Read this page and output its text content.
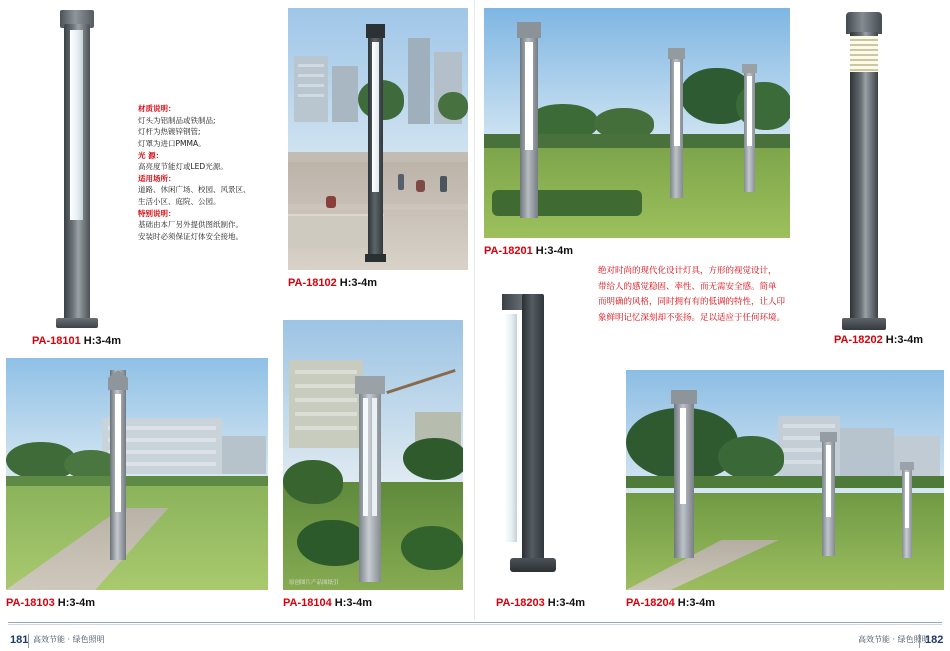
PA-18101 H:3-4m
材质说明：
灯头为铝制品或铁制品;
灯杆为热镀锌钢管;
灯罩为进口PMMA。
光 源：
高亮度节能灯或LED光源。
适用场所：
道路、休闲广场、校园、风景区、
生活小区、庭院、公园。
特别说明：
基础由本厂另外提供图纸制作。
安装时必须保证灯体安全接地。
PA-18102 H:3-4m
PA-18201 H:3-4m
PA-18202 H:3-4m
绝对时尚的现代化设计灯具，方形的视觉设计，
带给人的感觉稳固、率性、而无需安全感。简单
而明确的风格，同时拥有有的低调的特性，让人印
象鲜明记忆深刻却不张扬。足以适应于任何环境。
PA-18103 H:3-4m
原创图片产品图纸引
PA-18104 H:3-4m	PA-18203 H:3-4m	PA-18204 H:3-4m
181 高效节能 · 绿色照明	182
高效节能 · 绿色照明
